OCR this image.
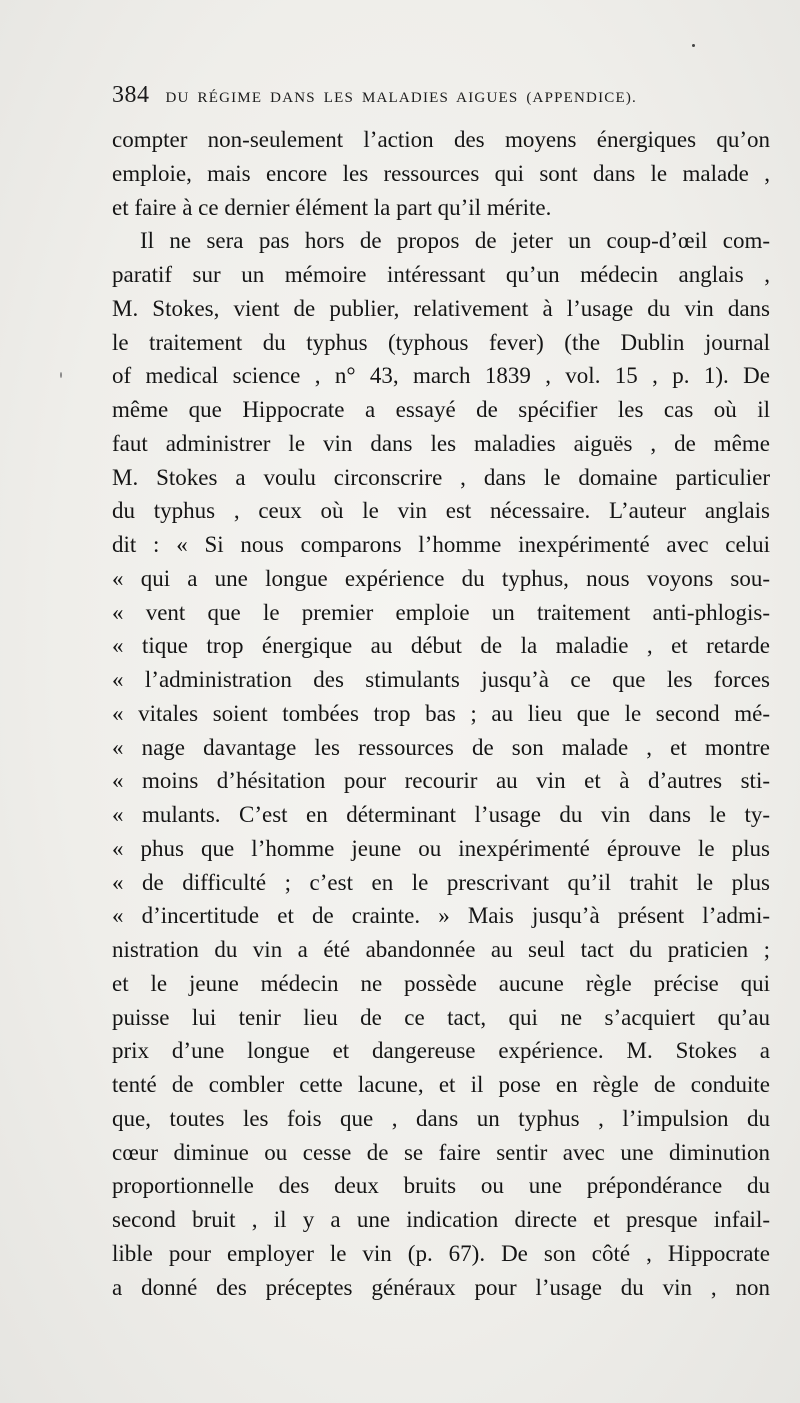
384 DU RÉGIME DANS LES MALADIES AIGUES (APPENDICE).
compter non-seulement l’action des moyens énergiques qu’on
emploie, mais encore les ressources qui sont dans le malade ,
et faire à ce dernier élément la part qu’il mérite.
Il ne sera pas hors de propos de jeter un coup-d’œil com-
paratif sur un mémoire intéressant qu’un médecin anglais ,
M. Stokes, vient de publier, relativement à l’usage du vin dans
le traitement du typhus (typhous fever) (the Dublin journal
of medical science , n° 43, march 1839 , vol. 15 , p. 1). De
même que Hippocrate a essayé de spécifier les cas où il
faut administrer le vin dans les maladies aiguës , de même
M. Stokes a voulu circonscrire , dans le domaine particulier
du typhus , ceux où le vin est nécessaire. L’auteur anglais
dit : « Si nous comparons l’homme inexpérimenté avec celui
« qui a une longue expérience du typhus, nous voyons sou-
« vent que le premier emploie un traitement anti-phlogis-
« tique trop énergique au début de la maladie , et retarde
« l’administration des stimulants jusqu’à ce que les forces
« vitales soient tombées trop bas ; au lieu que le second mé-
« nage davantage les ressources de son malade , et montre
« moins d’hésitation pour recourir au vin et à d’autres sti-
« mulants. C’est en déterminant l’usage du vin dans le ty-
« phus que l’homme jeune ou inexpérimenté éprouve le plus
« de difficulté ; c’est en le prescrivant qu’il trahit le plus
« d’incertitude et de crainte. » Mais jusqu’à présent l’admi-
nistration du vin a été abandonnée au seul tact du praticien ;
et le jeune médecin ne possède aucune règle précise qui
puisse lui tenir lieu de ce tact, qui ne s’acquiert qu’au
prix d’une longue et dangereuse expérience. M. Stokes a
tenté de combler cette lacune, et il pose en règle de conduite
que, toutes les fois que , dans un typhus , l’impulsion du
cœur diminue ou cesse de se faire sentir avec une diminution
proportionnelle des deux bruits ou une prépondérance du
second bruit , il y a une indication directe et presque infail-
lible pour employer le vin (p. 67). De son côté , Hippocrate
a donné des préceptes généraux pour l’usage du vin , non
